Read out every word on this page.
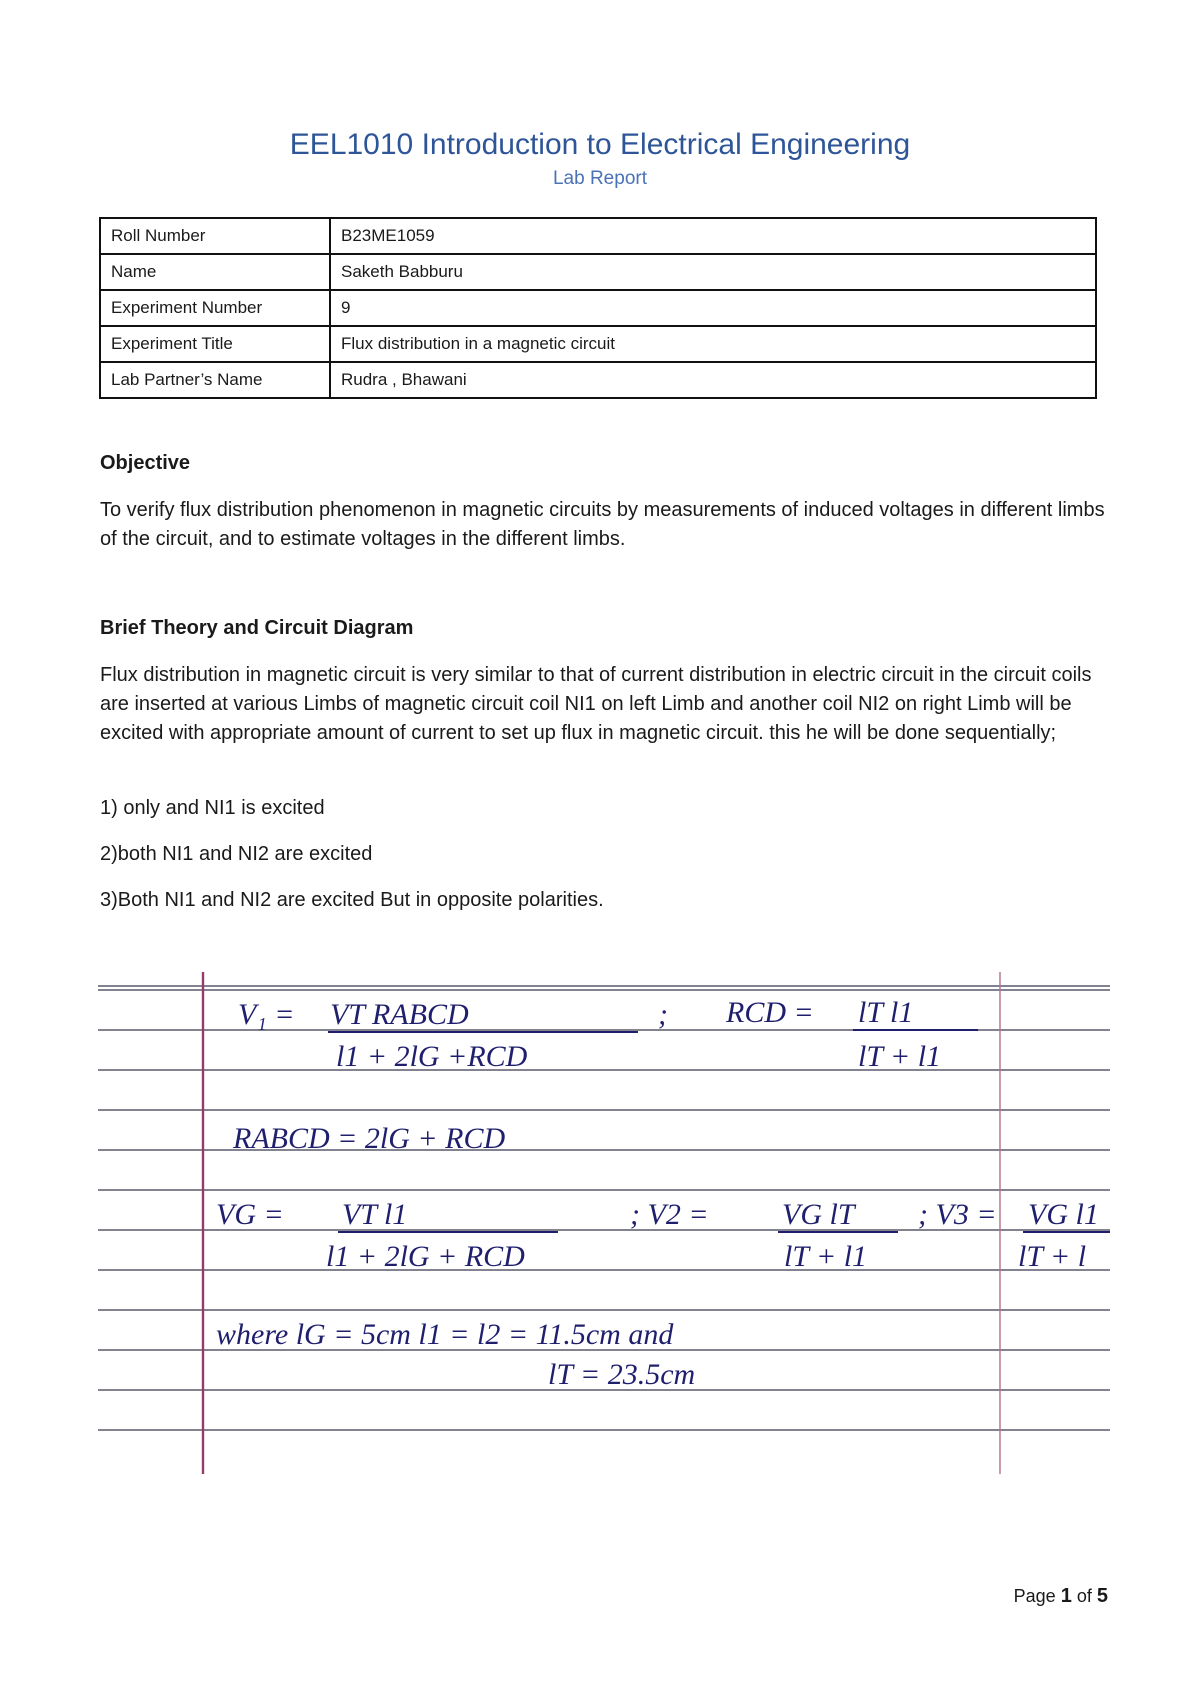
EEL1010 Introduction to Electrical Engineering
Lab Report
Roll Number	B23ME1059
Name	Saketh Babburu
Experiment Number	9
Experiment Title	Flux distribution in a magnetic circuit
Lab Partner’s Name	Rudra , Bhawani
Objective

To verify flux distribution phenomenon in magnetic circuits by measurements of induced voltages in different limbs of the circuit, and to estimate voltages in the different limbs.

Brief Theory and Circuit Diagram

Flux distribution in magnetic circuit is very similar to that of current distribution in electric circuit in the circuit coils are inserted at various Limbs of magnetic circuit coil NI1 on left Limb and another coil NI2 on right Limb will be excited with appropriate amount of current to set up flux in magnetic circuit. this he will be done sequentially;

1) only and NI1 is excited
2)both NI1 and NI2 are excited
3)Both NI1 and NI2 are excited But in opposite polarities.
V₁ = VT RABCD	; RCD = lT l1
l1 + 2lG +RCD	lT + l1
RABCD = 2lG + RCD
VG = VT l1	; V2 = VG lT ; V3 = VG l1
l1 + 2lG + RCD	lT + l1	lT + l
where lG = 5cm l1 = l2 = 11.5cm and
lT = 23.5cm
Page 1 of 5
